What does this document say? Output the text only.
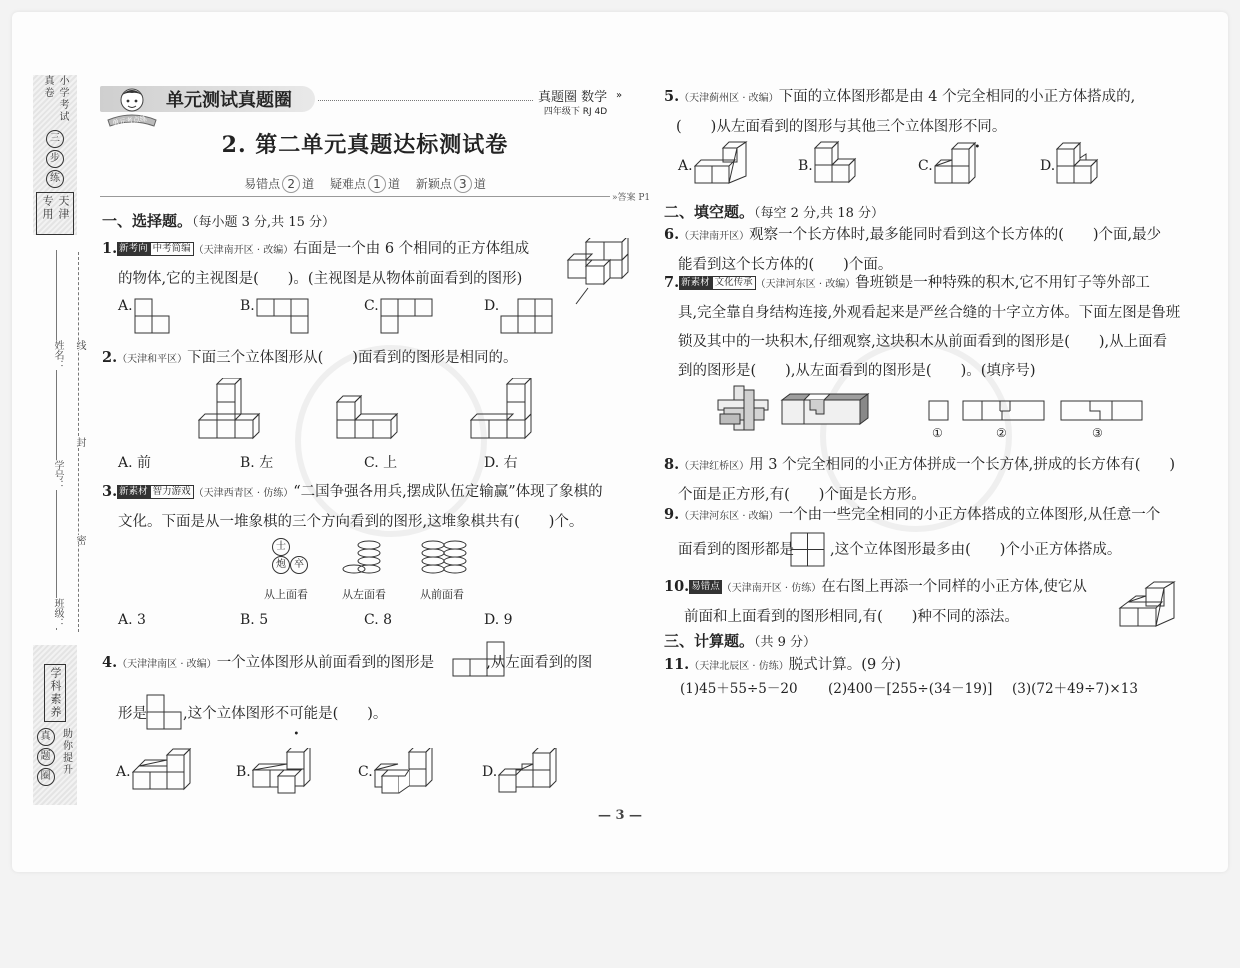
小学考试真卷
三
步
练
天津专用
学科素养
真
题
圈
助你提升
姓名：
学号：
班级：
线
封
密
单元考点练
单元测试真题圈	真题圈 数学 »
四年级下 RJ 4D
2. 第二单元真题达标测试卷
易错点 2 道 疑难点 1 道 新颖点 3 道
»答案 P1
一、选择题。（每小题 3 分,共 15 分）
1. 新考向 中考简编 （天津南开区 · 改编）右面是一个由 6 个相同的正方体组成
的物体,它的主视图是(　　)。(主视图是从物体前面看到的图形)
A.	B.	C.	D.
2.（天津和平区）下面三个立体图形从(　　)面看到的图形是相同的。
A. 前	B. 左	C. 上	D. 右
3. 新素材 智力游戏 （天津西青区 · 仿练）“二国争强各用兵,摆成队伍定输赢”体现了象棋的
文化。下面是从一堆象棋的三个方向看到的图形,这堆象棋共有(　　)个。
士
炮 卒
从上面看	从左面看	从前面看
A. 3	B. 5	C. 8	D. 9
4.（天津津南区 · 改编）一个立体图形从前面看到的图形是	,从左面看到的图
形是 ,这个立体图形不可能是(　　)。
A.	B.	C.	D.
5.（天津蓟州区 · 改编）下面的立体图形都是由 4 个完全相同的小正方体搭成的,
(　　)从左面看到的图形与其他三个立体图形不同。
A.	B.	C.	D.
二、填空题。（每空 2 分,共 18 分）
6.（天津南开区）观察一个长方体时,最多能同时看到这个长方体的(　　)个面,最少
能看到这个长方体的(　　)个面。
7. 新素材 文化传承 （天津河东区 · 改编）鲁班锁是一种特殊的积木,它不用钉子等外部工
具,完全靠自身结构连接,外观看起来是严丝合缝的十字立方体。下面左图是鲁班
锁及其中的一块积木,仔细观察,这块积木从前面看到的图形是(　　),从上面看
到的图形是(　　),从左面看到的图形是(　　)。(填序号)
①	②	③
8.（天津红桥区）用 3 个完全相同的小正方体拼成一个长方体,拼成的长方体有(　　)
个面是正方形,有(　　)个面是长方形。
9.（天津河东区 · 改编）一个由一些完全相同的小正方体搭成的立体图形,从任意一个
面看到的图形都是 ,这个立体图形最多由(　　)个小正方体搭成。
10. 易错点 （天津南开区 · 仿练）在右图上再添一个同样的小正方体,使它从
前面和上面看到的图形相同,有(　　)种不同的添法。
三、计算题。（共 9 分）
11.（天津北辰区 · 仿练）脱式计算。(9 分)
(1)45＋55÷5－20 (2)400－[255÷(34－19)] (3)(72＋49÷7)×13
— 3 —
